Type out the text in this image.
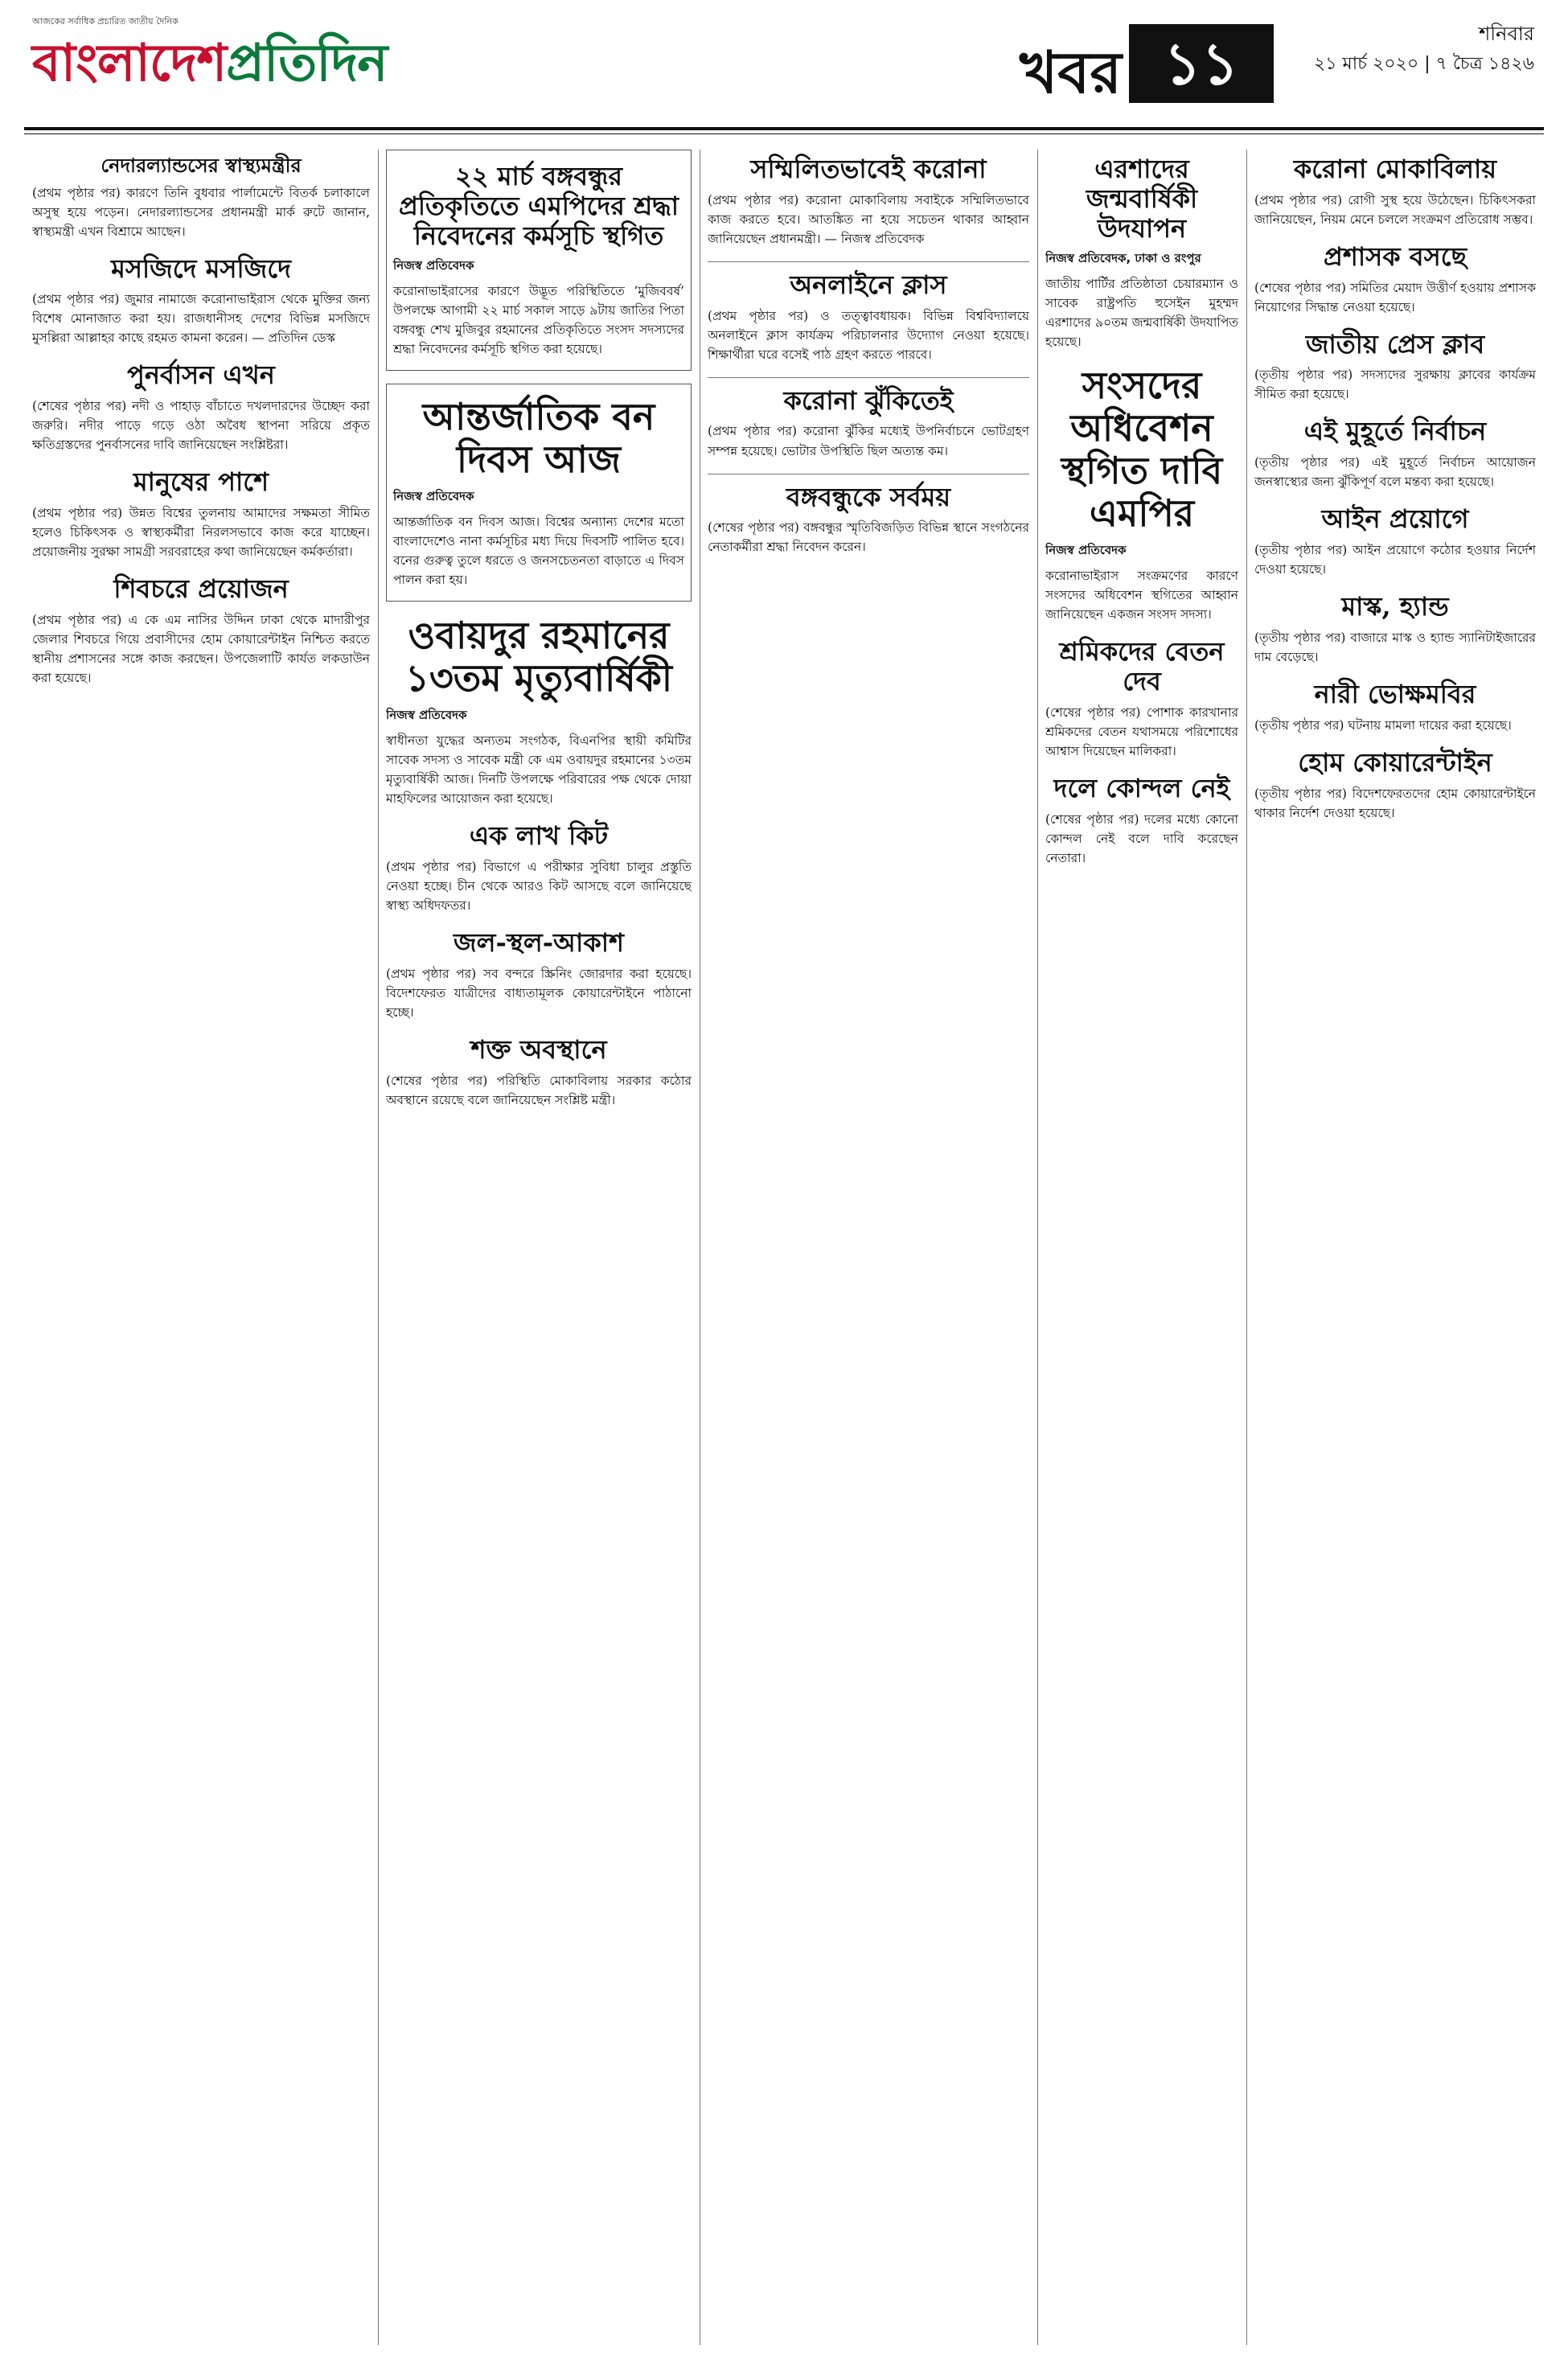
আজকের সর্বাধিক প্রচারিত জাতীয় দৈনিক
বাংলাদেশপ্রতিদিন	খবর ১১	শনিবার
২১ মার্চ ২০২০ | ৭ চৈত্র ১৪২৬
নেদারল্যান্ডসের স্বাস্থ্যমন্ত্রীর

(প্রথম পৃষ্ঠার পর) কারণে তিনি বুধবার পার্লামেন্টে বিতর্ক চলাকালে অসুস্থ হয়ে পড়েন। নেদারল্যান্ডসের প্রধানমন্ত্রী মার্ক রুটে জানান, স্বাস্থ্যমন্ত্রী এখন বিশ্রামে আছেন।

মসজিদে মসজিদে

(প্রথম পৃষ্ঠার পর) জুমার নামাজে করোনাভাইরাস থেকে মুক্তির জন্য বিশেষ মোনাজাত করা হয়। রাজধানীসহ দেশের বিভিন্ন মসজিদে মুসল্লিরা আল্লাহর কাছে রহমত কামনা করেন। — প্রতিদিন ডেস্ক

পুনর্বাসন এখন

(শেষের পৃষ্ঠার পর) নদী ও পাহাড় বাঁচাতে দখলদারদের উচ্ছেদ করা জরুরি। নদীর পাড়ে গড়ে ওঠা অবৈধ স্থাপনা সরিয়ে প্রকৃত ক্ষতিগ্রস্তদের পুনর্বাসনের দাবি জানিয়েছেন সংশ্লিষ্টরা।

মানুষের পাশে

(প্রথম পৃষ্ঠার পর) উন্নত বিশ্বের তুলনায় আমাদের সক্ষমতা সীমিত হলেও চিকিৎসক ও স্বাস্থ্যকর্মীরা নিরলসভাবে কাজ করে যাচ্ছেন। প্রয়োজনীয় সুরক্ষা সামগ্রী সরবরাহের কথা জানিয়েছেন কর্মকর্তারা।

শিবচরে প্রয়োজন

(প্রথম পৃষ্ঠার পর) এ কে এম নাসির উদ্দিন ঢাকা থেকে মাদারীপুর জেলার শিবচরে গিয়ে প্রবাসীদের হোম কোয়ারেন্টাইন নিশ্চিত করতে স্থানীয় প্রশাসনের সঙ্গে কাজ করছেন। উপজেলাটি কার্যত লকডাউন করা হয়েছে।

২২ মার্চ বঙ্গবন্ধুর প্রতিকৃতিতে এমপিদের শ্রদ্ধা নিবেদনের কর্মসূচি স্থগিত
নিজস্ব প্রতিবেদক

করোনাভাইরাসের কারণে উদ্ভূত পরিস্থিতিতে ‘মুজিববর্ষ’ উপলক্ষে আগামী ২২ মার্চ সকাল সাড়ে ৯টায় জাতির পিতা বঙ্গবন্ধু শেখ মুজিবুর রহমানের প্রতিকৃতিতে সংসদ সদস্যদের শ্রদ্ধা নিবেদনের কর্মসূচি স্থগিত করা হয়েছে।

আন্তর্জাতিক বন দিবস আজ
নিজস্ব প্রতিবেদক

আন্তর্জাতিক বন দিবস আজ। বিশ্বের অন্যান্য দেশের মতো বাংলাদেশেও নানা কর্মসূচির মধ্য দিয়ে দিবসটি পালিত হবে। বনের গুরুত্ব তুলে ধরতে ও জনসচেতনতা বাড়াতে এ দিবস পালন করা হয়।

ওবায়দুর রহমানের ১৩তম মৃত্যুবার্ষিকী
নিজস্ব প্রতিবেদক

স্বাধীনতা যুদ্ধের অন্যতম সংগঠক, বিএনপির স্থায়ী কমিটির সাবেক সদস্য ও সাবেক মন্ত্রী কে এম ওবায়দুর রহমানের ১৩তম মৃত্যুবার্ষিকী আজ। দিনটি উপলক্ষে পরিবারের পক্ষ থেকে দোয়া মাহফিলের আয়োজন করা হয়েছে।

এক লাখ কিট

(প্রথম পৃষ্ঠার পর) বিভাগে এ পরীক্ষার সুবিধা চালুর প্রস্তুতি নেওয়া হচ্ছে। চীন থেকে আরও কিট আসছে বলে জানিয়েছে স্বাস্থ্য অধিদফতর।

জল-স্থল-আকাশ

(প্রথম পৃষ্ঠার পর) সব বন্দরে স্ক্রিনিং জোরদার করা হয়েছে। বিদেশফেরত যাত্রীদের বাধ্যতামূলক কোয়ারেন্টাইনে পাঠানো হচ্ছে।

শক্ত অবস্থানে

(শেষের পৃষ্ঠার পর) পরিস্থিতি মোকাবিলায় সরকার কঠোর অবস্থানে রয়েছে বলে জানিয়েছেন সংশ্লিষ্ট মন্ত্রী।

সম্মিলিতভাবেই করোনা

(প্রথম পৃষ্ঠার পর) করোনা মোকাবিলায় সবাইকে সম্মিলিতভাবে কাজ করতে হবে। আতঙ্কিত না হয়ে সচেতন থাকার আহ্বান জানিয়েছেন প্রধানমন্ত্রী। — নিজস্ব প্রতিবেদক

অনলাইনে ক্লাস

(প্রথম পৃষ্ঠার পর) ও তত্ত্বাবধায়ক। বিভিন্ন বিশ্ববিদ্যালয়ে অনলাইনে ক্লাস কার্যক্রম পরিচালনার উদ্যোগ নেওয়া হয়েছে। শিক্ষার্থীরা ঘরে বসেই পাঠ গ্রহণ করতে পারবে।

করোনা ঝুঁকিতেই

(প্রথম পৃষ্ঠার পর) করোনা ঝুঁকির মধ্যেই উপনির্বাচনে ভোটগ্রহণ সম্পন্ন হয়েছে। ভোটার উপস্থিতি ছিল অত্যন্ত কম।

বঙ্গবন্ধুকে সর্বময়

(শেষের পৃষ্ঠার পর) বঙ্গবন্ধুর স্মৃতিবিজড়িত বিভিন্ন স্থানে সংগঠনের নেতাকর্মীরা শ্রদ্ধা নিবেদন করেন।

এরশাদের জন্মবার্ষিকী উদযাপন
নিজস্ব প্রতিবেদক, ঢাকা ও রংপুর

জাতীয় পার্টির প্রতিষ্ঠাতা চেয়ারম্যান ও সাবেক রাষ্ট্রপতি হুসেইন মুহম্মদ এরশাদের ৯০তম জন্মবার্ষিকী উদযাপিত হয়েছে।

সংসদের অধিবেশন স্থগিত দাবি এমপির
নিজস্ব প্রতিবেদক

করোনাভাইরাস সংক্রমণের কারণে সংসদের অধিবেশন স্থগিতের আহ্বান জানিয়েছেন একজন সংসদ সদস্য।

শ্রমিকদের বেতন দেব

(শেষের পৃষ্ঠার পর) পোশাক কারখানার শ্রমিকদের বেতন যথাসময়ে পরিশোধের আশ্বাস দিয়েছেন মালিকরা।

দলে কোন্দল নেই

(শেষের পৃষ্ঠার পর) দলের মধ্যে কোনো কোন্দল নেই বলে দাবি করেছেন নেতারা।

করোনা মোকাবিলায়

(প্রথম পৃষ্ঠার পর) রোগী সুস্থ হয়ে উঠেছেন। চিকিৎসকরা জানিয়েছেন, নিয়ম মেনে চললে সংক্রমণ প্রতিরোধ সম্ভব।

প্রশাসক বসছে

(শেষের পৃষ্ঠার পর) সমিতির মেয়াদ উত্তীর্ণ হওয়ায় প্রশাসক নিয়োগের সিদ্ধান্ত নেওয়া হয়েছে।

জাতীয় প্রেস ক্লাব

(তৃতীয় পৃষ্ঠার পর) সদস্যদের সুরক্ষায় ক্লাবের কার্যক্রম সীমিত করা হয়েছে।

এই মুহূর্তে নির্বাচন

(তৃতীয় পৃষ্ঠার পর) এই মুহূর্তে নির্বাচন আয়োজন জনস্বাস্থ্যের জন্য ঝুঁকিপূর্ণ বলে মন্তব্য করা হয়েছে।

আইন প্রয়োগে

(তৃতীয় পৃষ্ঠার পর) আইন প্রয়োগে কঠোর হওয়ার নির্দেশ দেওয়া হয়েছে।

মাস্ক, হ্যান্ড

(তৃতীয় পৃষ্ঠার পর) বাজারে মাস্ক ও হ্যান্ড স্যানিটাইজারের দাম বেড়েছে।

নারী ভোক্ষমবির

(তৃতীয় পৃষ্ঠার পর) ঘটনায় মামলা দায়ের করা হয়েছে।

হোম কোয়ারেন্টাইন

(তৃতীয় পৃষ্ঠার পর) বিদেশফেরতদের হোম কোয়ারেন্টাইনে থাকার নির্দেশ দেওয়া হয়েছে।
